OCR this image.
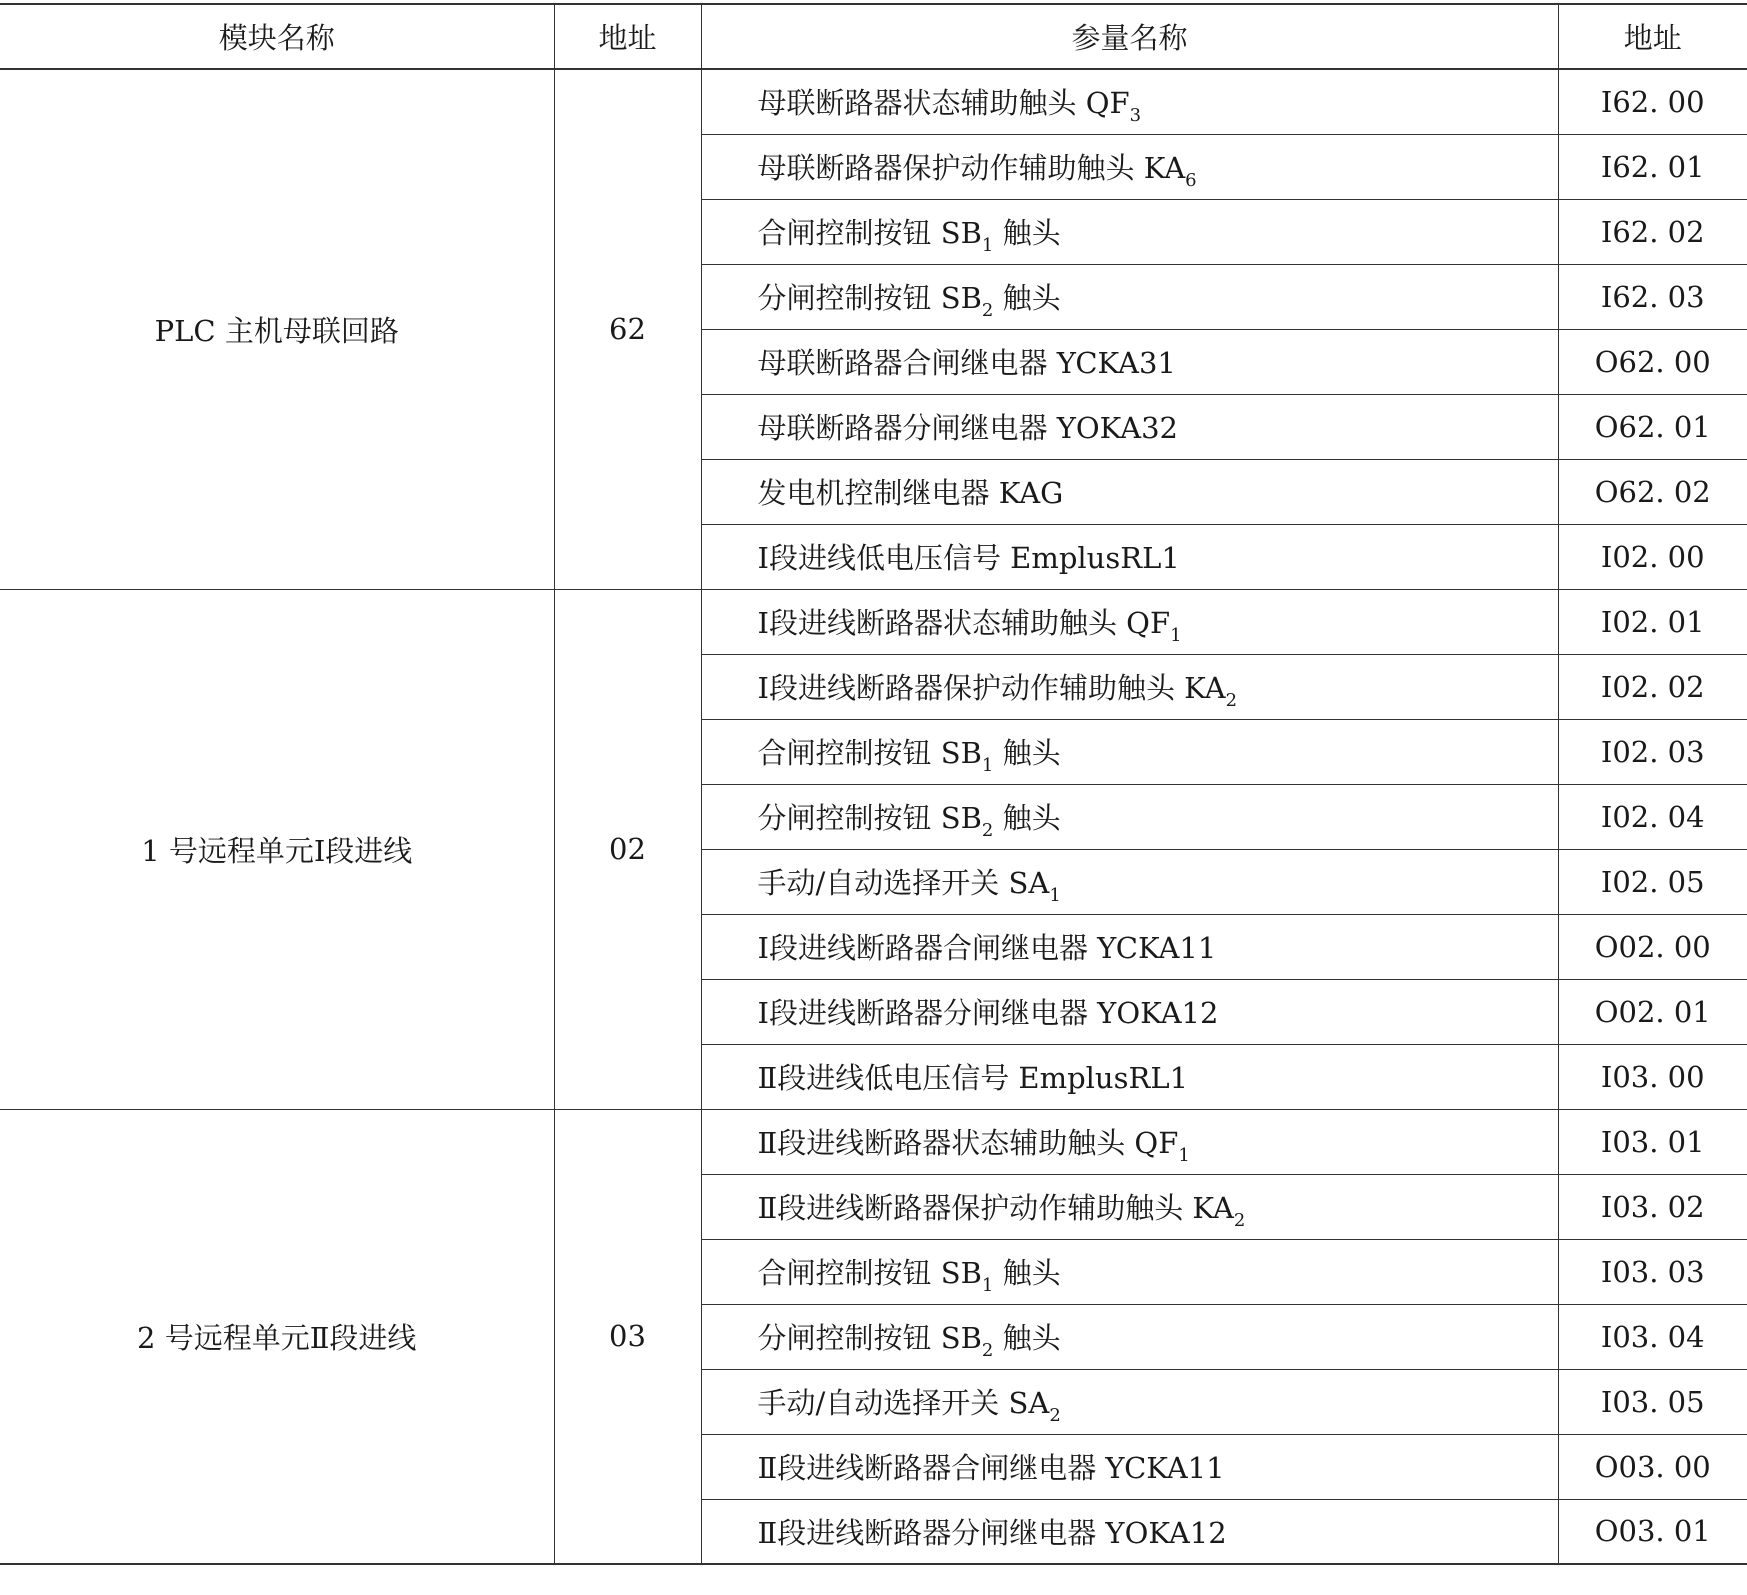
模块名称	地址	参量名称	地址
PLC 主机母联回路	62	母联断路器状态辅助触头 $QF_3$	I62. 00
		母联断路器保护动作辅助触头 $KA_6$	I62. 01
		合闸控制按钮 $SB_1$ 触头	I62. 02
		分闸控制按钮 $SB_2$ 触头	I62. 03
		母联断路器合闸继电器 YCKA31	O62. 00
		母联断路器分闸继电器 YOKA32	O62. 01
		发电机控制继电器 KAG	O62. 02
		Ⅰ段进线低电压信号 EmplusRL1	I02. 00
1 号远程单元Ⅰ段进线	02	Ⅰ段进线断路器状态辅助触头 $QF_1$	I02. 01
		Ⅰ段进线断路器保护动作辅助触头 $KA_2$	I02. 02
		合闸控制按钮 $SB_1$ 触头	I02. 03
		分闸控制按钮 $SB_2$ 触头	I02. 04
		手动/自动选择开关 $SA_1$	I02. 05
		Ⅰ段进线断路器合闸继电器 YCKA11	O02. 00
		Ⅰ段进线断路器分闸继电器 YOKA12	O02. 01
		Ⅱ段进线低电压信号 EmplusRL1	I03. 00
2 号远程单元Ⅱ段进线	03	Ⅱ段进线断路器状态辅助触头 $QF_1$	I03. 01
		Ⅱ段进线断路器保护动作辅助触头 $KA_2$	I03. 02
		合闸控制按钮 $SB_1$ 触头	I03. 03
		分闸控制按钮 $SB_2$ 触头	I03. 04
		手动/自动选择开关 $SA_2$	I03. 05
		Ⅱ段进线断路器合闸继电器 YCKA11	O03. 00
		Ⅱ段进线断路器分闸继电器 YOKA12	O03. 01
